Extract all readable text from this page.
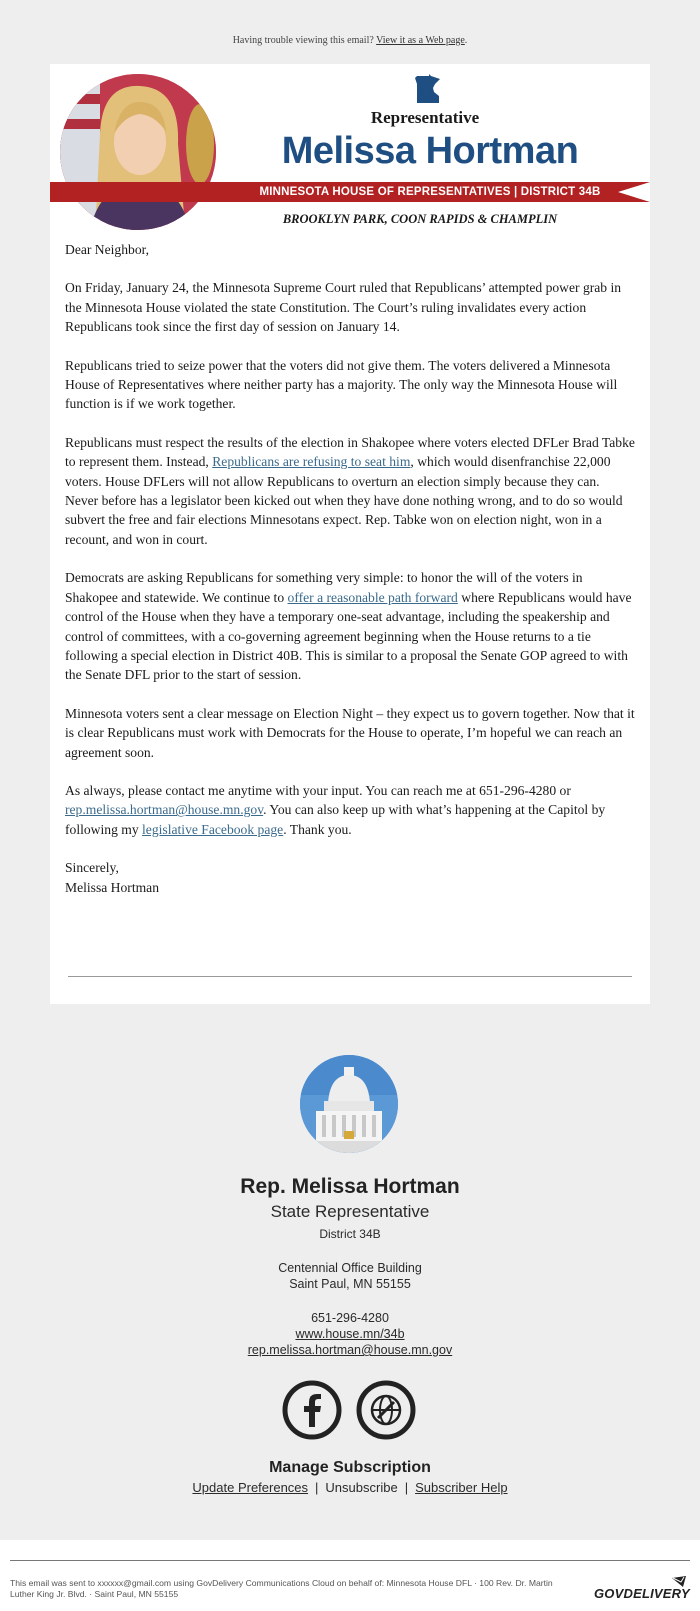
Having trouble viewing this email? View it as a Web page.
Representative
Melissa Hortman
MINNESOTA HOUSE OF REPRESENTATIVES | DISTRICT 34B
BROOKLYN PARK, COON RAPIDS & CHAMPLIN

Dear Neighbor,

On Friday, January 24, the Minnesota Supreme Court ruled that Republicans’ attempted power grab in the Minnesota House violated the state Constitution. The Court’s ruling invalidates every action Republicans took since the first day of session on January 14.

Republicans tried to seize power that the voters did not give them. The voters delivered a Minnesota House of Representatives where neither party has a majority. The only way the Minnesota House will function is if we work together.

Republicans must respect the results of the election in Shakopee where voters elected DFLer Brad Tabke to represent them. Instead, Republicans are refusing to seat him, which would disenfranchise 22,000 voters. House DFLers will not allow Republicans to overturn an election simply because they can. Never before has a legislator been kicked out when they have done nothing wrong, and to do so would subvert the free and fair elections Minnesotans expect. Rep. Tabke won on election night, won in a recount, and won in court.

Democrats are asking Republicans for something very simple: to honor the will of the voters in Shakopee and statewide. We continue to offer a reasonable path forward where Republicans would have control of the House when they have a temporary one-seat advantage, including the speakership and control of committees, with a co-governing agreement beginning when the House returns to a tie following a special election in District 40B. This is similar to a proposal the Senate GOP agreed to with the Senate DFL prior to the start of session.

Minnesota voters sent a clear message on Election Night – they expect us to govern together. Now that it is clear Republicans must work with Democrats for the House to operate, I’m hopeful we can reach an agreement soon.

As always, please contact me anytime with your input. You can reach me at 651-296-4280 or rep.melissa.hortman@house.mn.gov. You can also keep up with what’s happening at the Capitol by following my legislative Facebook page. Thank you.

Sincerely,

Melissa Hortman

Rep. Melissa Hortman
State Representative
District 34B
Centennial Office Building
Saint Paul, MN 55155
651-296-4280
www.house.mn/34b
rep.melissa.hortman@house.mn.gov
Manage Subscription
Update Preferences | Unsubscribe | Subscriber Help
This email was sent to xxxxxx@gmail.com using GovDelivery Communications Cloud on behalf of: Minnesota House DFL · 100 Rev. Dr. Martin Luther King Jr. Blvd. · Saint Paul, MN 55155	GOVDELIVERY
